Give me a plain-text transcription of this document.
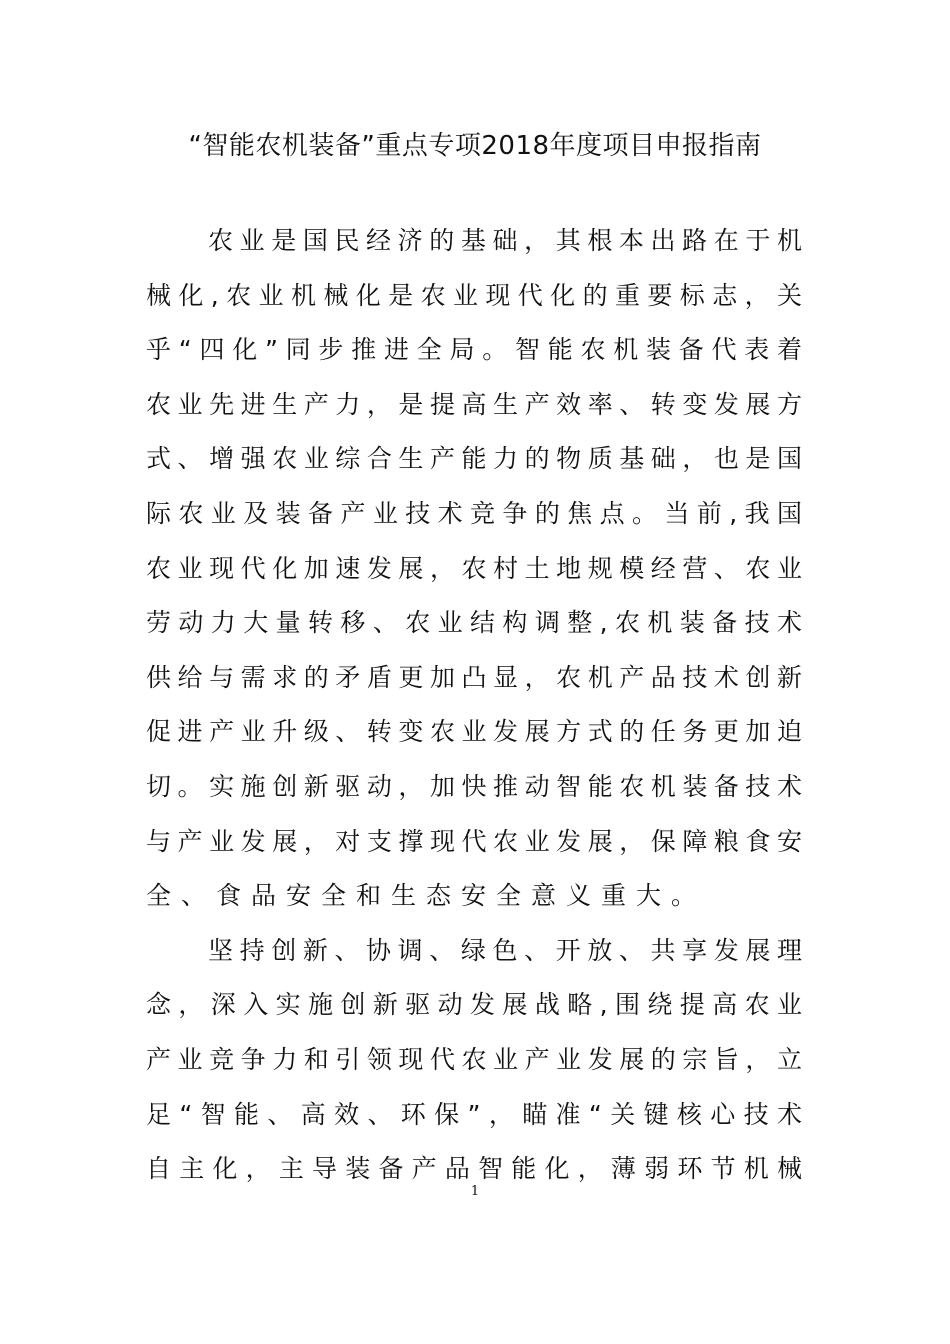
“智能农机装备”重点专项2018年度项目申报指南
农业是国民经济的基础，其根本出路在于机
械化,农业机械化是农业现代化的重要标志，关
乎“四化”同步推进全局。智能农机装备代表着
农业先进生产力，是提高生产效率、转变发展方
式、增强农业综合生产能力的物质基础，也是国
际农业及装备产业技术竞争的焦点。当前,我国
农业现代化加速发展，农村土地规模经营、农业
劳动力大量转移、农业结构调整,农机装备技术
供给与需求的矛盾更加凸显，农机产品技术创新
促进产业升级、转变农业发展方式的任务更加迫
切。实施创新驱动，加快推动智能农机装备技术
与产业发展，对支撑现代农业发展，保障粮食安
全、食品安全和生态安全意义重大。
坚持创新、协调、绿色、开放、共享发展理
念，深入实施创新驱动发展战略,围绕提高农业
产业竞争力和引领现代农业产业发展的宗旨，立
足“智能、高效、环保”，瞄准“关键核心技术
自主化，主导装备产品智能化，薄弱环节机械
1
